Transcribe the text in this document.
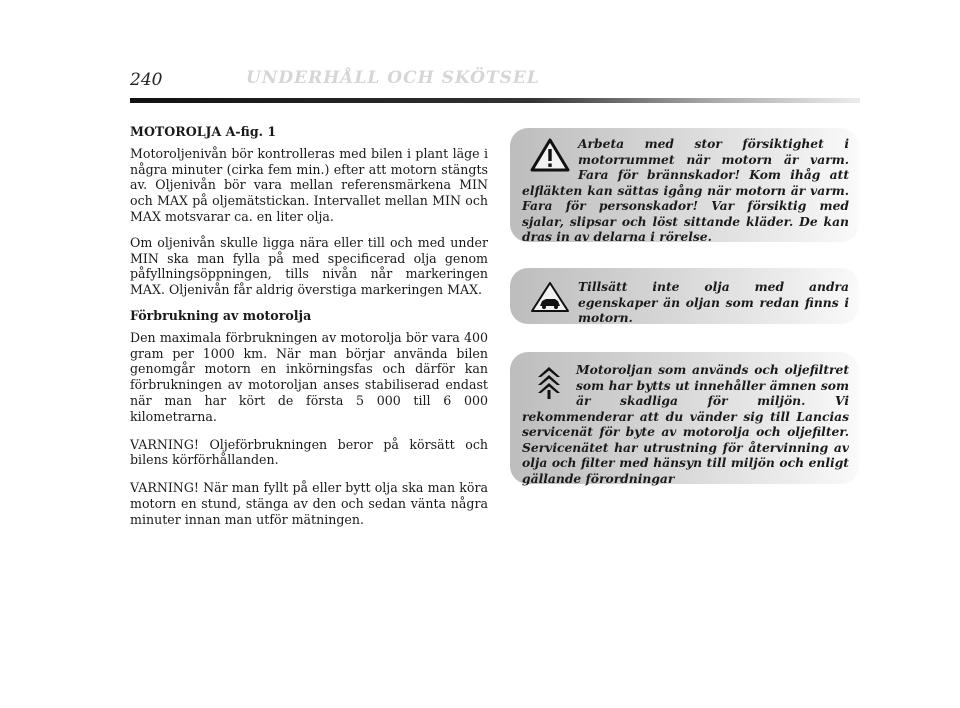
240	UNDERHÅLL OCH SKÖTSEL
MOTOROLJA A-fig. 1

Motoroljenivån bör kontrolleras med bilen i plant läge i några minuter (cirka fem min.) efter att motorn stängts av. Oljenivån bör vara mellan referensmärkena MIN och MAX på oljemätstickan. Intervallet mellan MIN och MAX motsvarar ca. en liter olja.

Om oljenivån skulle ligga nära eller till och med under MIN ska man fylla på med specificerad olja genom påfyllningsöppningen, tills nivån når markeringen MAX. Oljenivån får aldrig överstiga markeringen MAX.

Förbrukning av motorolja

Den maximala förbrukningen av motorolja bör vara 400 gram per 1000 km. När man börjar använda bilen genomgår motorn en inkörningsfas och därför kan förbrukningen av motoroljan anses stabiliserad endast när man har kört de första 5 000 till 6 000 kilometrarna.

VARNING! Oljeförbrukningen beror på körsätt och bilens körförhållanden.

VARNING! När man fyllt på eller bytt olja ska man köra motorn en stund, stänga av den och sedan vänta några minuter innan man utför mätningen.

Arbeta med stor försiktighet i motorrummet när motorn är varm. Fara för brännskador! Kom ihåg att elfläkten kan sättas igång när motorn är varm. Fara för personskador! Var försiktig med sjalar, slipsar och löst sittande kläder. De kan dras in av delarna i rörelse.
Tillsätt inte olja med andra egenskaper än oljan som redan finns i motorn.
Motoroljan som används och oljefiltret som har bytts ut innehåller ämnen som är skadliga för miljön. Vi rekommenderar att du vänder sig till Lancias servicenät för byte av motorolja och oljefilter. Servicenätet har utrustning för återvinning av olja och filter med hänsyn till miljön och enligt gällande förordningar
